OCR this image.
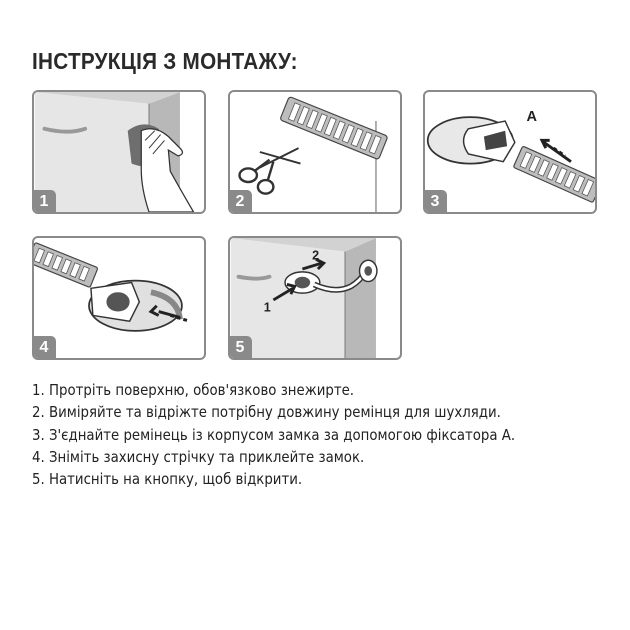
ІНСТРУКЦІЯ З МОНТАЖУ:
1	2
A
3
4
1
2
5
1. Протріть поверхню, обов'язково знежирте.
2. Виміряйте та відріжте потрібну довжину ремінця для шухляди.
3. З'єднайте ремінець із корпусом замка за допомогою фіксатора А.
4. Зніміть захисну стрічку та приклейте замок.
5. Натисніть на кнопку, щоб відкрити.
